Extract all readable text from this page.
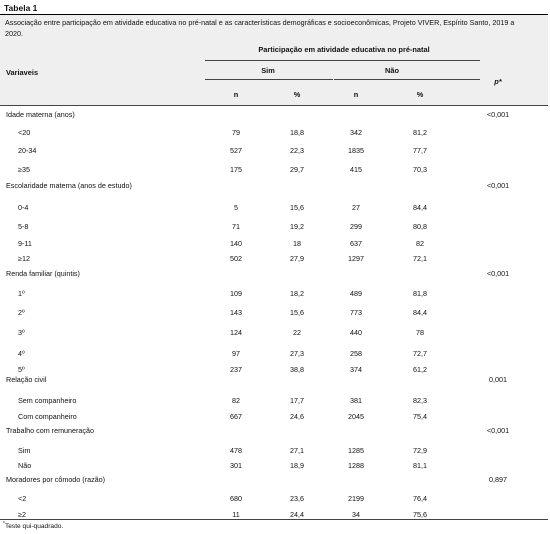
Tabela 1
Associação entre participação em atividade educativa no pré-natal e as características demográficas e socioeconômicas, Projeto VIVER, Espírito Santo, 2019 a 2020.
Variaveis
Participação em atividade educativa no pré-natal
Sim	Não
p*
n	%	n	%
Idade materna (anos)	<0,001
<20	79	18,8	342	81,2
20-34	527	22,3	1835	77,7
≥35	175	29,7	415	70,3
Escolaridade materna (anos de estudo)	<0,001
0-4	5	15,6	27	84,4
5-8	71	19,2	299	80,8
9-11	140	18	637	82
≥12	502	27,9	1297	72,1
Renda familiar (quintis)	<0,001
1º	109	18,2	489	81,8
2º	143	15,6	773	84,4
3º	124	22	440	78
4º	97	27,3	258	72,7
5º	237	38,8	374	61,2
Relação civil	0,001
Sem companheiro	82	17,7	381	82,3
Com companheiro	667	24,6	2045	75,4
Trabalho com remuneração	<0,001
Sim	478	27,1	1285	72,9
Não	301	18,9	1288	81,1
Moradores por cômodo (razão)	0,897
<2	680	23,6	2199	76,4
≥2	11	24,4	34	75,6
*Teste qui-quadrado.
